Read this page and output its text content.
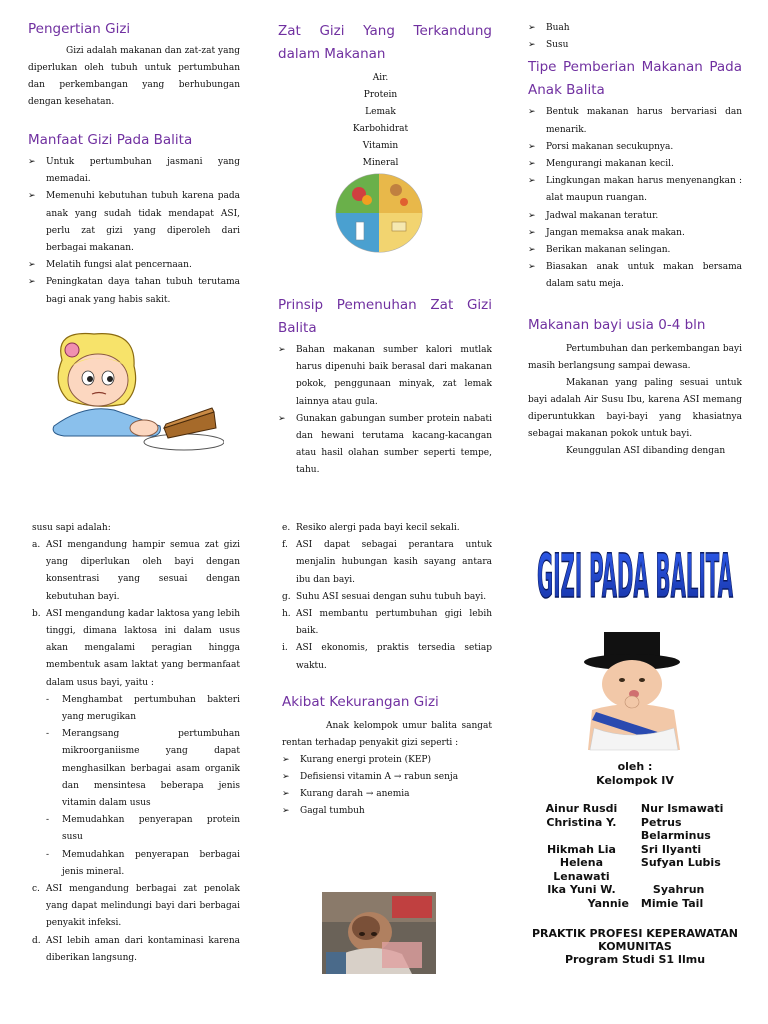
Pengertian Gizi

Gizi adalah makanan dan zat-zat yang diperlukan oleh tubuh untuk pertumbuhan dan perkembangan yang berhubungan dengan kesehatan.

Manfaat Gizi Pada Balita
➢ Untuk pertumbuhan jasmani yang memadai.
➢ Memenuhi kebutuhan tubuh karena pada anak yang sudah tidak mendapat ASI, perlu zat gizi yang diperoleh dari berbagai makanan.
➢ Melatih fungsi alat pencernaan.
➢ Peningkatan daya tahan tubuh terutama bagi anak yang habis sakit.
Zat Gizi Yang Terkandung dalam Makanan
Air.
Protein
Lemak
Karbohidrat
Vitamin
Mineral
Prinsip Pemenuhan Zat Gizi Balita
➢ Bahan makanan sumber kalori mutlak harus dipenuhi baik berasal dari makanan pokok, penggunaan minyak, zat lemak lainnya atau gula.
➢ Gunakan gabungan sumber protein nabati dan hewani terutama kacang-kacangan atau hasil olahan sumber seperti tempe, tahu.
➢ Buah
➢ Susu
Tipe Pemberian Makanan Pada Anak Balita
➢ Bentuk makanan harus bervariasi dan menarik.
➢ Porsi makanan secukupnya.
➢ Mengurangi makanan kecil.
➢ Lingkungan makan harus menyenangkan : alat maupun ruangan.
➢ Jadwal makanan teratur.
➢ Jangan memaksa anak makan.
➢ Berikan makanan selingan.
➢ Biasakan anak untuk makan bersama dalam satu meja.
Makanan bayi usia 0-4 bln

Pertumbuhan dan perkembangan bayi masih berlangsung sampai dewasa.

Makanan yang paling sesuai untuk bayi adalah Air Susu Ibu, karena ASI memang diperuntukkan bayi-bayi yang khasiatnya sebagai makanan pokok untuk bayi.

Keunggulan ASI dibanding dengan

susu sapi adalah:

a. ASI mengandung hampir semua zat gizi yang diperlukan oleh bayi dengan konsentrasi yang sesuai dengan kebutuhan bayi.
b. ASI mengandung kadar laktosa yang lebih tinggi, dimana laktosa ini dalam usus akan mengalami peragian hingga membentuk asam laktat yang bermanfaat dalam usus bayi, yaitu :
- Menghambat pertumbuhan bakteri yang merugikan
- Merangsang pertumbuhan mikroorganiisme yang dapat menghasilkan berbagai asam organik dan mensintesa beberapa jenis vitamin dalam usus
- Memudahkan penyerapan protein susu
- Memudahkan penyerapan berbagai jenis mineral.
c. ASI mengandung berbagai zat penolak yang dapat melindungi bayi dari berbagai penyakit infeksi.
d. ASI lebih aman dari kontaminasi karena diberikan langsung.
e. Resiko alergi pada bayi kecil sekali.
f. ASI dapat sebagai perantara untuk menjalin hubungan kasih sayang antara ibu dan bayi.
g. Suhu ASI sesuai dengan suhu tubuh bayi.
h. ASI membantu pertumbuhan gigi lebih baik.
i. ASI ekonomis, praktis tersedia setiap waktu.
Akibat Kekurangan Gizi

Anak kelompok umur balita sangat rentan terhadap penyakit gizi seperti :

➢ Kurang energi protein (KEP)
➢ Defisiensi vitamin A → rabun senja
➢ Kurang darah → anemia
➢ Gagal tumbuh
GIZI PADA BALITA
oleh :
Kelompok IV
Ainur Rusdi
Christina Y.
Hikmah Lia
Helena
Lenawati
Ika Yuni W.
Yannie
Nur Ismawati
Petrus
Belarminus
Sri Ilyanti
Sufyan Lubis
Syahrun
Mimie Tail
PRAKTIK PROFESI KEPERAWATAN
KOMUNITAS
Program Studi S1 Ilmu
